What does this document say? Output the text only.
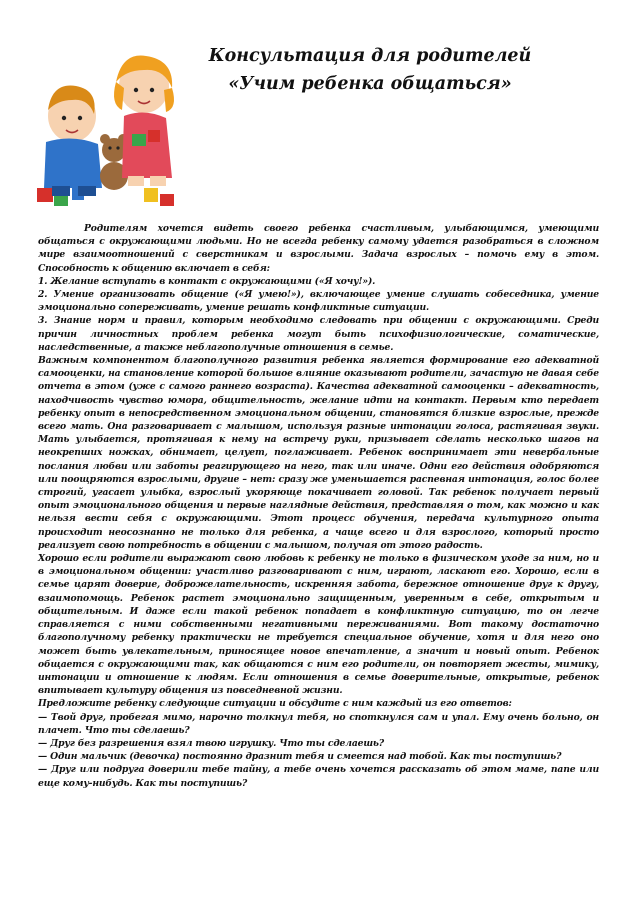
Консультация для родителей
«Учим ребенка общаться»

Родителям хочется видеть своего ребенка счастливым, улыбающимся, умеющими общаться с окружающими людьми. Но не всегда ребенку самому удается разобраться в сложном мире взаимоотношений с сверстникам и взрослыми. Задача взрослых – помочь ему в этом. Способность к общению включает в себя:

1. Желание вступать в контакт с окружающими («Я хочу!»).

2. Умение организовать общение («Я умею!»), включающее умение слушать собеседника, умение эмоционально сопереживать, умение решать конфликтные ситуации.

3. Знание норм и правил, которым необходимо следовать при общении с окружающими. Среди причин личностных проблем ребенка могут быть психофизиологические, соматические, наследственные, а также неблагополучные отношения в семье.

Важным компонентом благополучного развития ребенка является формирование его адекватной самооценки, на становление которой большое влияние оказывают родители, зачастую не давая себе отчета в этом (уже с самого раннего возраста). Качества адекватной самооценки – адекватность, находчивость чувство юмора, общительность, желание идти на контакт. Первым кто передает ребенку опыт в непосредственном эмоциональном общении, становятся близкие взрослые, прежде всего мать. Она разговаривает с малышом, используя разные интонации голоса, растягивая звуки. Мать улыбается, протягивая к нему на встречу руки, призывает сделать несколько шагов на неокрепших ножках, обнимает, целует, поглаживает. Ребенок воспринимает эти невербальные послания любви или заботы реагирующего на него, так или иначе. Одни его действия одобряются или поощряются взрослыми, другие – нет: сразу же уменьшается распевная интонация, голос более строгий, угасает улыбка, взрослый укоряюще покачивает головой. Так ребенок получает первый опыт эмоционального общения и первые наглядные действия, представляя о том, как можно и как нельзя вести себя с окружающими. Этот процесс обучения, передача культурного опыта происходит неосознанно не только для ребенка, а чаще всего и для взрослого, который просто реализует свою потребность в общении с малышом, получая от этого радость.

Хорошо если родители выражают свою любовь к ребенку не только в физическом уходе за ним, но и в эмоциональном общении: участливо разговаривают с ним, играют, ласкают его. Хорошо, если в семье царят доверие, доброжелательность, искренняя забота, бережное отношение друг к другу, взаимопомощь. Ребенок растет эмоционально защищенным, уверенным в себе, открытым и общительным. И даже если такой ребенок попадает в конфликтную ситуацию, то он легче справляется с ними собственными негативными переживаниями. Вот такому достаточно благополучному ребенку практически не требуется специальное обучение, хотя и для него оно может быть увлекательным, приносящее новое впечатление, а значит и новый опыт. Ребенок общается с окружающими так, как общаются с ним его родители, он повторяет жесты, мимику, интонации и отношение к людям. Если отношения в семье доверительные, открытые, ребенок впитывает культуру общения из повседневной жизни.

Предложите ребенку следующие ситуации и обсудите с ним каждый из его ответов:

— Твой друг, пробегая мимо, нарочно толкнул тебя, но споткнулся сам и упал. Ему очень больно, он плачет. Что ты сделаешь?

— Друг без разрешения взял твою игрушку. Что ты сделаешь?

— Один мальчик (девочка) постоянно дразнит тебя и смеется над тобой. Как ты поступишь?

— Друг или подруга доверили тебе тайну, а тебе очень хочется рассказать об этом маме, папе или еще кому-нибудь. Как ты поступишь?
